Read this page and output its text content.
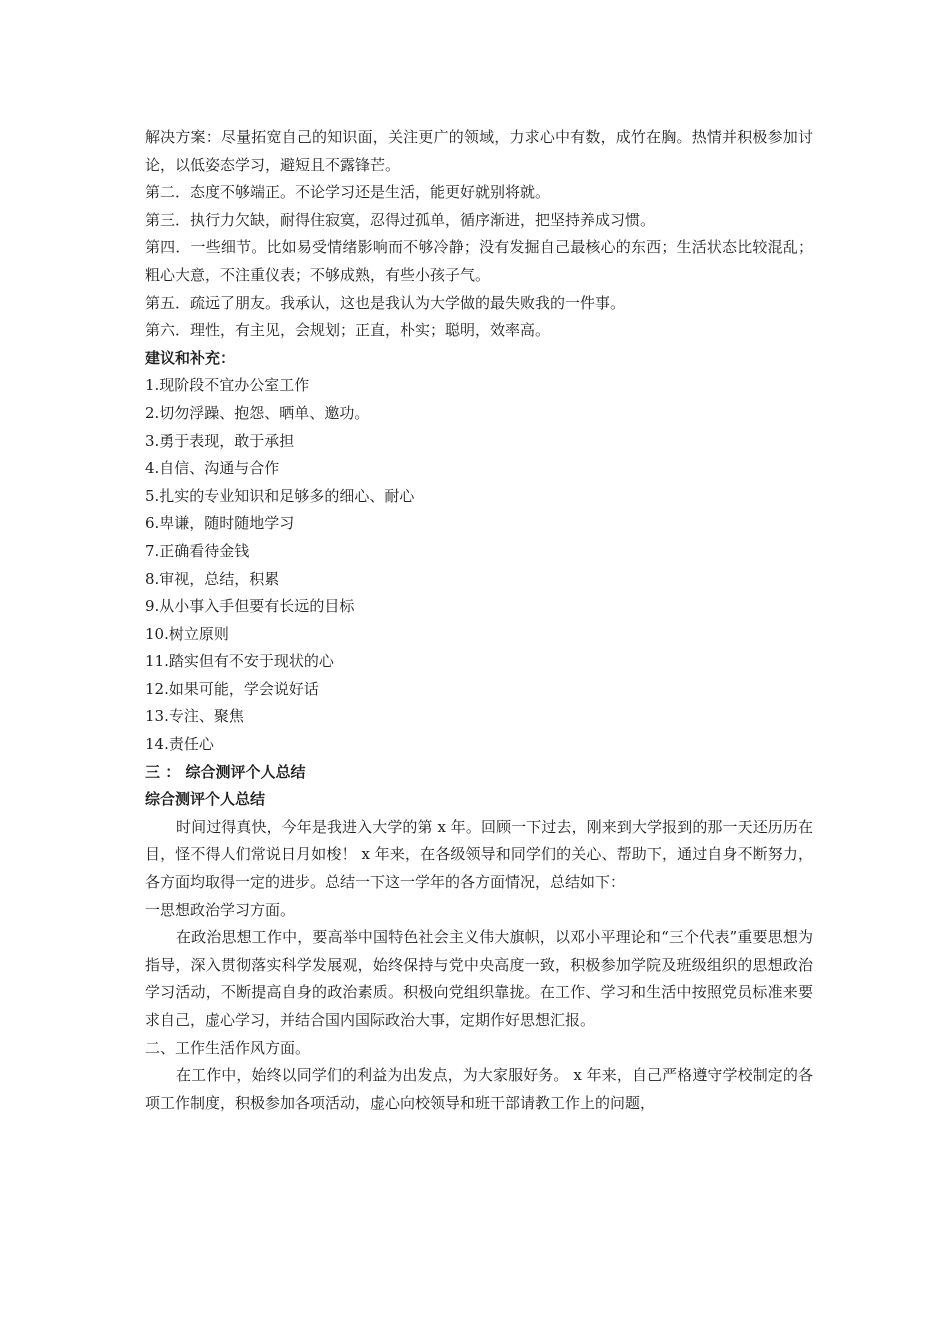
解决方案：尽量拓宽自己的知识面，关注更广的领域，力求心中有数，成竹在胸。热情并积极参加讨论，以低姿态学习，避短且不露锋芒。
第二．态度不够端正。不论学习还是生活，能更好就别将就。
第三．执行力欠缺，耐得住寂寞，忍得过孤单，循序渐进，把坚持养成习惯。
第四．一些细节。比如易受情绪影响而不够冷静；没有发掘自己最核心的东西；生活状态比较混乱；粗心大意，不注重仪表；不够成熟，有些小孩子气。
第五．疏远了朋友。我承认，这也是我认为大学做的最失败我的一件事。
第六．理性，有主见，会规划；正直，朴实；聪明，效率高。
建议和补充：
1.现阶段不宜办公室工作
2.切勿浮躁、抱怨、晒单、邀功。
3.勇于表现，敢于承担
4.自信、沟通与合作
5.扎实的专业知识和足够多的细心、耐心
6.卑谦，随时随地学习
7.正确看待金钱
8.审视，总结，积累
9.从小事入手但要有长远的目标
10.树立原则
11.踏实但有不安于现状的心
12.如果可能，学会说好话
13.专注、聚焦
14.责任心
三 ： 综合测评个人总结
综合测评个人总结
时间过得真快，今年是我进入大学的第 x 年。回顾一下过去，刚来到大学报到的那一天还历历在目，怪不得人们常说日月如梭！ x 年来，在各级领导和同学们的关心、帮助下，通过自身不断努力，各方面均取得一定的进步。总结一下这一学年的各方面情况，总结如下：
一思想政治学习方面。
在政治思想工作中，要高举中国特色社会主义伟大旗帜，以邓小平理论和“三个代表”重要思想为指导，深入贯彻落实科学发展观，始终保持与党中央高度一致，积极参加学院及班级组织的思想政治学习活动，不断提高自身的政治素质。积极向党组织靠拢。在工作、学习和生活中按照党员标准来要求自己，虚心学习，并结合国内国际政治大事，定期作好思想汇报。
二、工作生活作风方面。
在工作中，始终以同学们的利益为出发点，为大家服好务。 x 年来，自己严格遵守学校制定的各项工作制度，积极参加各项活动，虚心向校领导和班干部请教工作上的问题，
